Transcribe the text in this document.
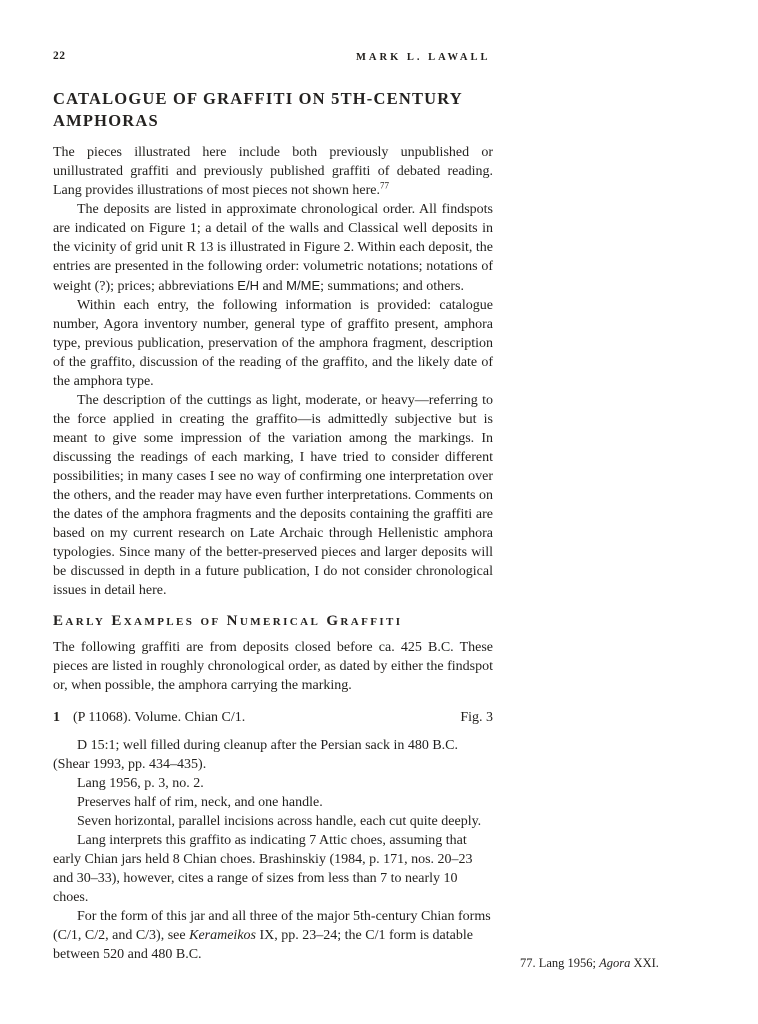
22	MARK L. LAWALL
CATALOGUE OF GRAFFITI ON 5TH-CENTURY AMPHORAS

The pieces illustrated here include both previously unpublished or unillustrated graffiti and previously published graffiti of debated reading. Lang provides illustrations of most pieces not shown here.$^{77}$

The deposits are listed in approximate chronological order. All findspots are indicated on Figure 1; a detail of the walls and Classical well deposits in the vicinity of grid unit R 13 is illustrated in Figure 2. Within each deposit, the entries are presented in the following order: volumetric notations; notations of weight (?); prices; abbreviations E/H and M/ME; summations; and others.

Within each entry, the following information is provided: catalogue number, Agora inventory number, general type of graffito present, amphora type, previous publication, preservation of the amphora fragment, description of the graffito, discussion of the reading of the graffito, and the likely date of the amphora type.

The description of the cuttings as light, moderate, or heavy—referring to the force applied in creating the graffito—is admittedly subjective but is meant to give some impression of the variation among the markings. In discussing the readings of each marking, I have tried to consider different possibilities; in many cases I see no way of confirming one interpretation over the others, and the reader may have even further interpretations. Comments on the dates of the amphora fragments and the deposits containing the graffiti are based on my current research on Late Archaic through Hellenistic amphora typologies. Since many of the better-preserved pieces and larger deposits will be discussed in depth in a future publication, I do not consider chronological issues in detail here.

Early Examples of Numerical Graffiti

The following graffiti are from deposits closed before ca. 425 B.C. These pieces are listed in roughly chronological order, as dated by either the findspot or, when possible, the amphora carrying the marking.

1 (P 11068). Volume. Chian C/1.	Fig. 3

D 15:1; well filled during cleanup after the Persian sack in 480 B.C. (Shear 1993, pp. 434–435).

Lang 1956, p. 3, no. 2.

Preserves half of rim, neck, and one handle.

Seven horizontal, parallel incisions across handle, each cut quite deeply.

Lang interprets this graffito as indicating 7 Attic choes, assuming that early Chian jars held 8 Chian choes. Brashinskiy (1984, p. 171, nos. 20–23 and 30–33), however, cites a range of sizes from less than 7 to nearly 10 choes.

For the form of this jar and all three of the major 5th-century Chian forms (C/1, C/2, and C/3), see Kerameikos IX, pp. 23–24; the C/1 form is datable between 520 and 480 B.C.

77. Lang 1956; Agora XXI.
